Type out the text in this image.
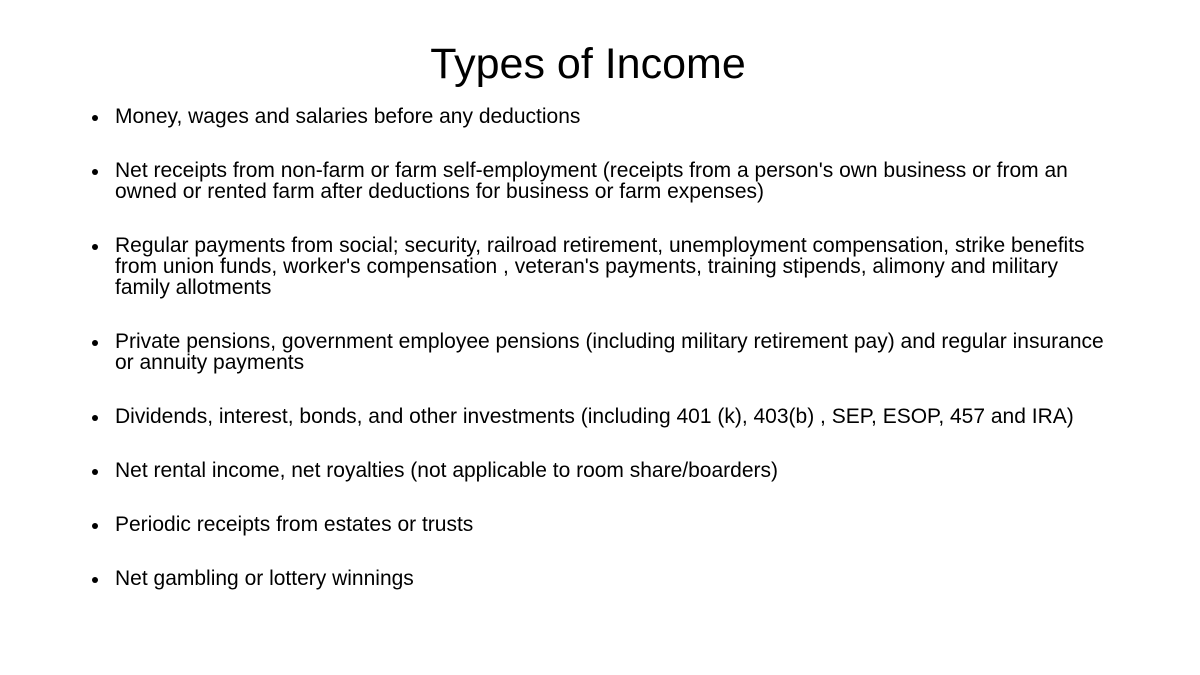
Types of Income
Money, wages and salaries before any deductions
Net receipts from non-farm or farm self-employment (receipts from a person's own business or from an owned or rented farm after deductions for business or farm expenses)
Regular payments from social; security, railroad retirement, unemployment compensation, strike benefits from union funds, worker's compensation , veteran's payments, training stipends, alimony and military family allotments
Private pensions, government employee pensions (including military retirement pay) and regular insurance or annuity payments
Dividends, interest, bonds, and other investments (including 401 (k), 403(b) , SEP, ESOP, 457 and IRA)
Net rental income, net royalties (not applicable to room share/boarders)
Periodic receipts from estates or trusts
Net gambling or lottery winnings
